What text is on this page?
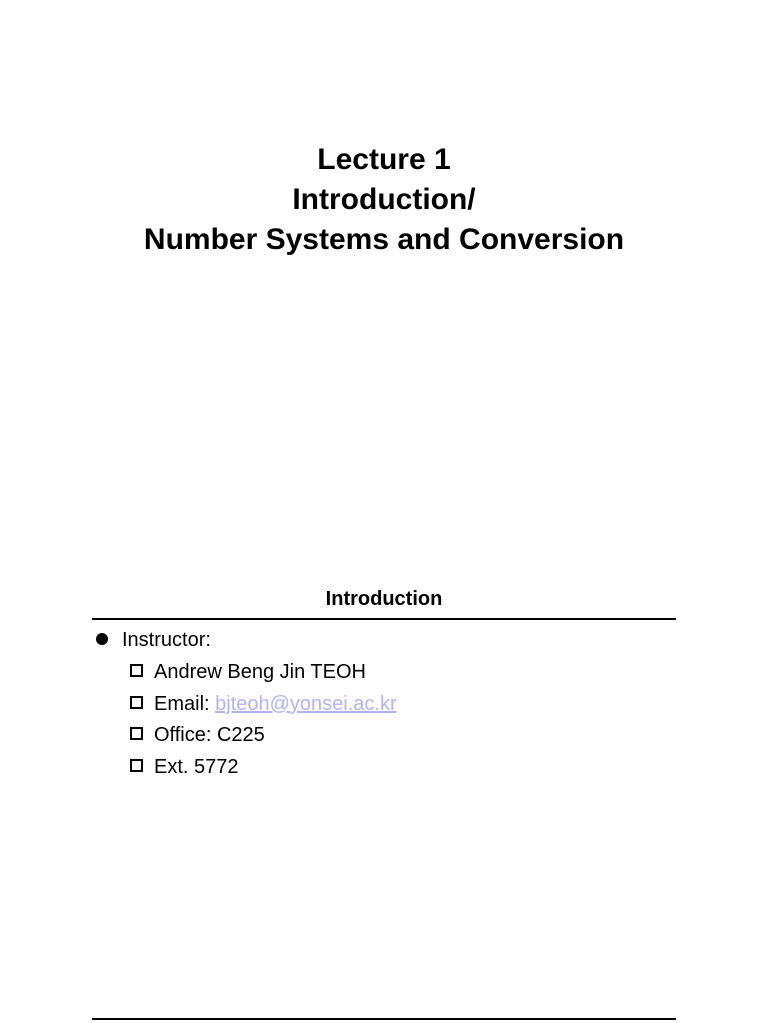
Lecture 1
Introduction/
Number Systems and Conversion
Introduction
Instructor:
Andrew Beng Jin TEOH
Email: bjteoh@yonsei.ac.kr
Office: C225
Ext. 5772
